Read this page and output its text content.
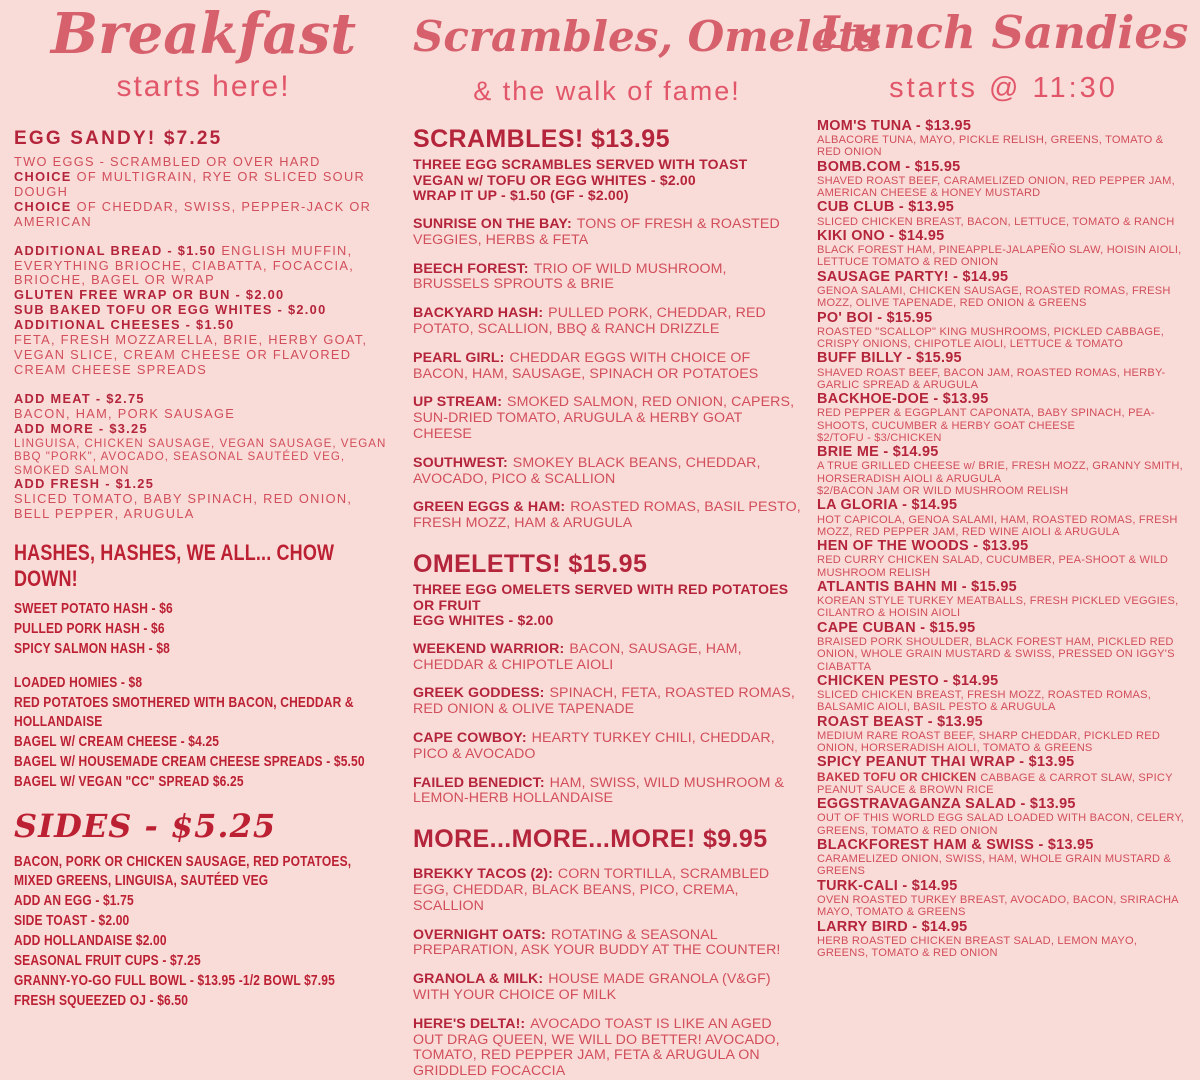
Breakfast
starts here!
EGG SANDY! $7.25
TWO EGGS - SCRAMBLED OR OVER HARD
CHOICE OF MULTIGRAIN, RYE OR SLICED SOUR DOUGH
CHOICE OF CHEDDAR, SWISS, PEPPER-JACK OR AMERICAN
ADDITIONAL BREAD - $1.50 ENGLISH MUFFIN, EVERYTHING BRIOCHE, CIABATTA, FOCACCIA, BRIOCHE, BAGEL OR WRAP
GLUTEN FREE WRAP OR BUN - $2.00
SUB BAKED TOFU OR EGG WHITES - $2.00
ADDITIONAL CHEESES - $1.50
FETA, FRESH MOZZARELLA, BRIE, HERBY GOAT, VEGAN SLICE, CREAM CHEESE OR FLAVORED CREAM CHEESE SPREADS
ADD MEAT - $2.75
BACON, HAM, PORK SAUSAGE
ADD MORE - $3.25
LINGUISA, CHICKEN SAUSAGE, VEGAN SAUSAGE, VEGAN BBQ "PORK", AVOCADO, SEASONAL SAUTÉED VEG, SMOKED SALMON
ADD FRESH - $1.25
SLICED TOMATO, BABY SPINACH, RED ONION, BELL PEPPER, ARUGULA
HASHES, HASHES, WE ALL... CHOW DOWN!
SWEET POTATO HASH - $6
PULLED PORK HASH - $6
SPICY SALMON HASH - $8
LOADED HOMIES - $8
RED POTATOES SMOTHERED WITH BACON, CHEDDAR & HOLLANDAISE
BAGEL W/ CREAM CHEESE - $4.25
BAGEL W/ HOUSEMADE CREAM CHEESE SPREADS - $5.50
BAGEL W/ VEGAN "CC" SPREAD $6.25
SIDES - $5.25
BACON, PORK OR CHICKEN SAUSAGE, RED POTATOES, MIXED GREENS, LINGUISA, SAUTÉED VEG
ADD AN EGG - $1.75
SIDE TOAST - $2.00
ADD HOLLANDAISE $2.00
SEASONAL FRUIT CUPS - $7.25
GRANNY-YO-GO FULL BOWL - $13.95 -1/2 BOWL $7.95
FRESH SQUEEZED OJ - $6.50
Scrambles, Omelets
& the walk of fame!
SCRAMBLES! $13.95
THREE EGG SCRAMBLES SERVED WITH TOAST
VEGAN w/ TOFU OR EGG WHITES - $2.00
WRAP IT UP - $1.50 (GF - $2.00)
SUNRISE ON THE BAY: TONS OF FRESH & ROASTED VEGGIES, HERBS & FETA
BEECH FOREST: TRIO OF WILD MUSHROOM, BRUSSELS SPROUTS & BRIE
BACKYARD HASH: PULLED PORK, CHEDDAR, RED POTATO, SCALLION, BBQ & RANCH DRIZZLE
PEARL GIRL: CHEDDAR EGGS WITH CHOICE OF BACON, HAM, SAUSAGE, SPINACH OR POTATOES
UP STREAM: SMOKED SALMON, RED ONION, CAPERS, SUN-DRIED TOMATO, ARUGULA & HERBY GOAT CHEESE
SOUTHWEST: SMOKEY BLACK BEANS, CHEDDAR, AVOCADO, PICO & SCALLION
GREEN EGGS & HAM: ROASTED ROMAS, BASIL PESTO, FRESH MOZZ, HAM & ARUGULA
OMELETTS! $15.95
THREE EGG OMELETS SERVED WITH RED POTATOES OR FRUIT
EGG WHITES - $2.00
WEEKEND WARRIOR: BACON, SAUSAGE, HAM, CHEDDAR & CHIPOTLE AIOLI
GREEK GODDESS: SPINACH, FETA, ROASTED ROMAS, RED ONION & OLIVE TAPENADE
CAPE COWBOY: HEARTY TURKEY CHILI, CHEDDAR, PICO & AVOCADO
FAILED BENEDICT: HAM, SWISS, WILD MUSHROOM & LEMON-HERB HOLLANDAISE
MORE...MORE...MORE! $9.95
BREKKY TACOS (2): CORN TORTILLA, SCRAMBLED EGG, CHEDDAR, BLACK BEANS, PICO, CREMA, SCALLION
OVERNIGHT OATS: ROTATING & SEASONAL PREPARATION, ASK YOUR BUDDY AT THE COUNTER!
GRANOLA & MILK: HOUSE MADE GRANOLA (V&GF) WITH YOUR CHOICE OF MILK
HERE'S DELTA!: AVOCADO TOAST IS LIKE AN AGED OUT DRAG QUEEN, WE WILL DO BETTER! AVOCADO, TOMATO, RED PEPPER JAM, FETA & ARUGULA ON GRIDDLED FOCACCIA
Lunch Sandies
starts @ 11:30
MOM'S TUNA - $13.95
ALBACORE TUNA, MAYO, PICKLE RELISH, GREENS, TOMATO & RED ONION
BOMB.COM - $15.95
SHAVED ROAST BEEF, CARAMELIZED ONION, RED PEPPER JAM, AMERICAN CHEESE & HONEY MUSTARD
CUB CLUB - $13.95
SLICED CHICKEN BREAST, BACON, LETTUCE, TOMATO & RANCH
KIKI ONO - $14.95
BLACK FOREST HAM, PINEAPPLE-JALAPEÑO SLAW, HOISIN AIOLI, LETTUCE TOMATO & RED ONION
SAUSAGE PARTY! - $14.95
GENOA SALAMI, CHICKEN SAUSAGE, ROASTED ROMAS, FRESH MOZZ, OLIVE TAPENADE, RED ONION & GREENS
PO' BOI - $15.95
ROASTED "SCALLOP" KING MUSHROOMS, PICKLED CABBAGE, CRISPY ONIONS, CHIPOTLE AIOLI, LETTUCE & TOMATO
BUFF BILLY - $15.95
SHAVED ROAST BEEF, BACON JAM, ROASTED ROMAS, HERBY-GARLIC SPREAD & ARUGULA
BACKHOE-DOE - $13.95
RED PEPPER & EGGPLANT CAPONATA, BABY SPINACH, PEA-SHOOTS, CUCUMBER & HERBY GOAT CHEESE
$2/TOFU - $3/CHICKEN
BRIE ME - $14.95
A TRUE GRILLED CHEESE w/ BRIE, FRESH MOZZ, GRANNY SMITH, HORSERADISH AIOLI & ARUGULA
$2/BACON JAM OR WILD MUSHROOM RELISH
LA GLORIA - $14.95
HOT CAPICOLA, GENOA SALAMI, HAM, ROASTED ROMAS, FRESH MOZZ, RED PEPPER JAM, RED WINE AIOLI & ARUGULA
HEN OF THE WOODS - $13.95
RED CURRY CHICKEN SALAD, CUCUMBER, PEA-SHOOT & WILD MUSHROOM RELISH
ATLANTIS BAHN MI - $15.95
KOREAN STYLE TURKEY MEATBALLS, FRESH PICKLED VEGGIES, CILANTRO & HOISIN AIOLI
CAPE CUBAN - $15.95
BRAISED PORK SHOULDER, BLACK FOREST HAM, PICKLED RED ONION, WHOLE GRAIN MUSTARD & SWISS, PRESSED ON IGGY'S CIABATTA
CHICKEN PESTO - $14.95
SLICED CHICKEN BREAST, FRESH MOZZ, ROASTED ROMAS, BALSAMIC AIOLI, BASIL PESTO & ARUGULA
ROAST BEAST - $13.95
MEDIUM RARE ROAST BEEF, SHARP CHEDDAR, PICKLED RED ONION, HORSERADISH AIOLI, TOMATO & GREENS
SPICY PEANUT THAI WRAP - $13.95
BAKED TOFU OR CHICKEN CABBAGE & CARROT SLAW, SPICY PEANUT SAUCE & BROWN RICE
EGGSTRAVAGANZA SALAD - $13.95
OUT OF THIS WORLD EGG SALAD LOADED WITH BACON, CELERY, GREENS, TOMATO & RED ONION
BLACKFOREST HAM & SWISS - $13.95
CARAMELIZED ONION, SWISS, HAM, WHOLE GRAIN MUSTARD & GREENS
TURK-CALI - $14.95
OVEN ROASTED TURKEY BREAST, AVOCADO, BACON, SRIRACHA MAYO, TOMATO & GREENS
LARRY BIRD - $14.95
HERB ROASTED CHICKEN BREAST SALAD, LEMON MAYO, GREENS, TOMATO & RED ONION
